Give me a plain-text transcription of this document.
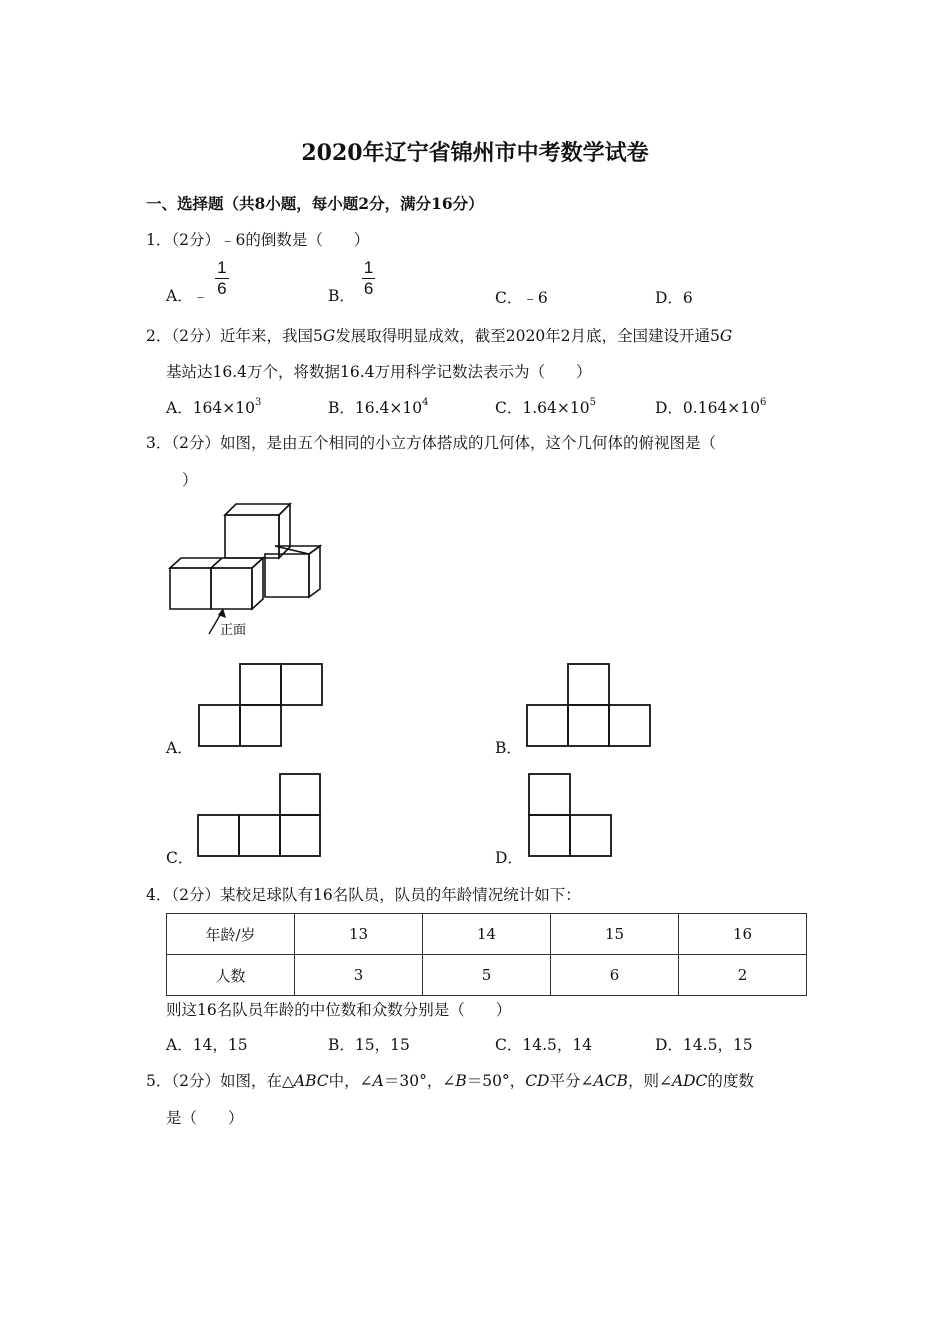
2020年辽宁省锦州市中考数学试卷
一、选择题（共8小题，每小题2分，满分16分）
1．（2分）﹣6的倒数是（　　）
A．﹣ $\frac{1}{6}$	B． $\frac{1}{6}$	C．﹣6	D．6
2．（2分）近年来，我国5G发展取得明显成效，截至2020年2月底，全国建设开通5G
基站达16.4万个，将数据16.4万用科学记数法表示为（　　）
A．$164\times 10^3$	B．$16.4\times 10^4$	C．$1.64\times 10^5$	D．$0.164\times 10^6$
3．（2分）如图，是由五个相同的小立方体搭成的几何体，这个几何体的俯视图是（
）
正面
A．	B．
C．	D．
4．（2分）某校足球队有16名队员，队员的年龄情况统计如下：
年龄/岁	13	14	15	16
人数	3	5	6	2
则这16名队员年龄的中位数和众数分别是（　　）
A．14，15	B．15，15	C．14.5，14	D．14.5，15
5．（2分）如图，在△ABC中，∠A＝30°，∠B＝50°，CD平分∠ACB，则∠ADC的度数
是（　　）
